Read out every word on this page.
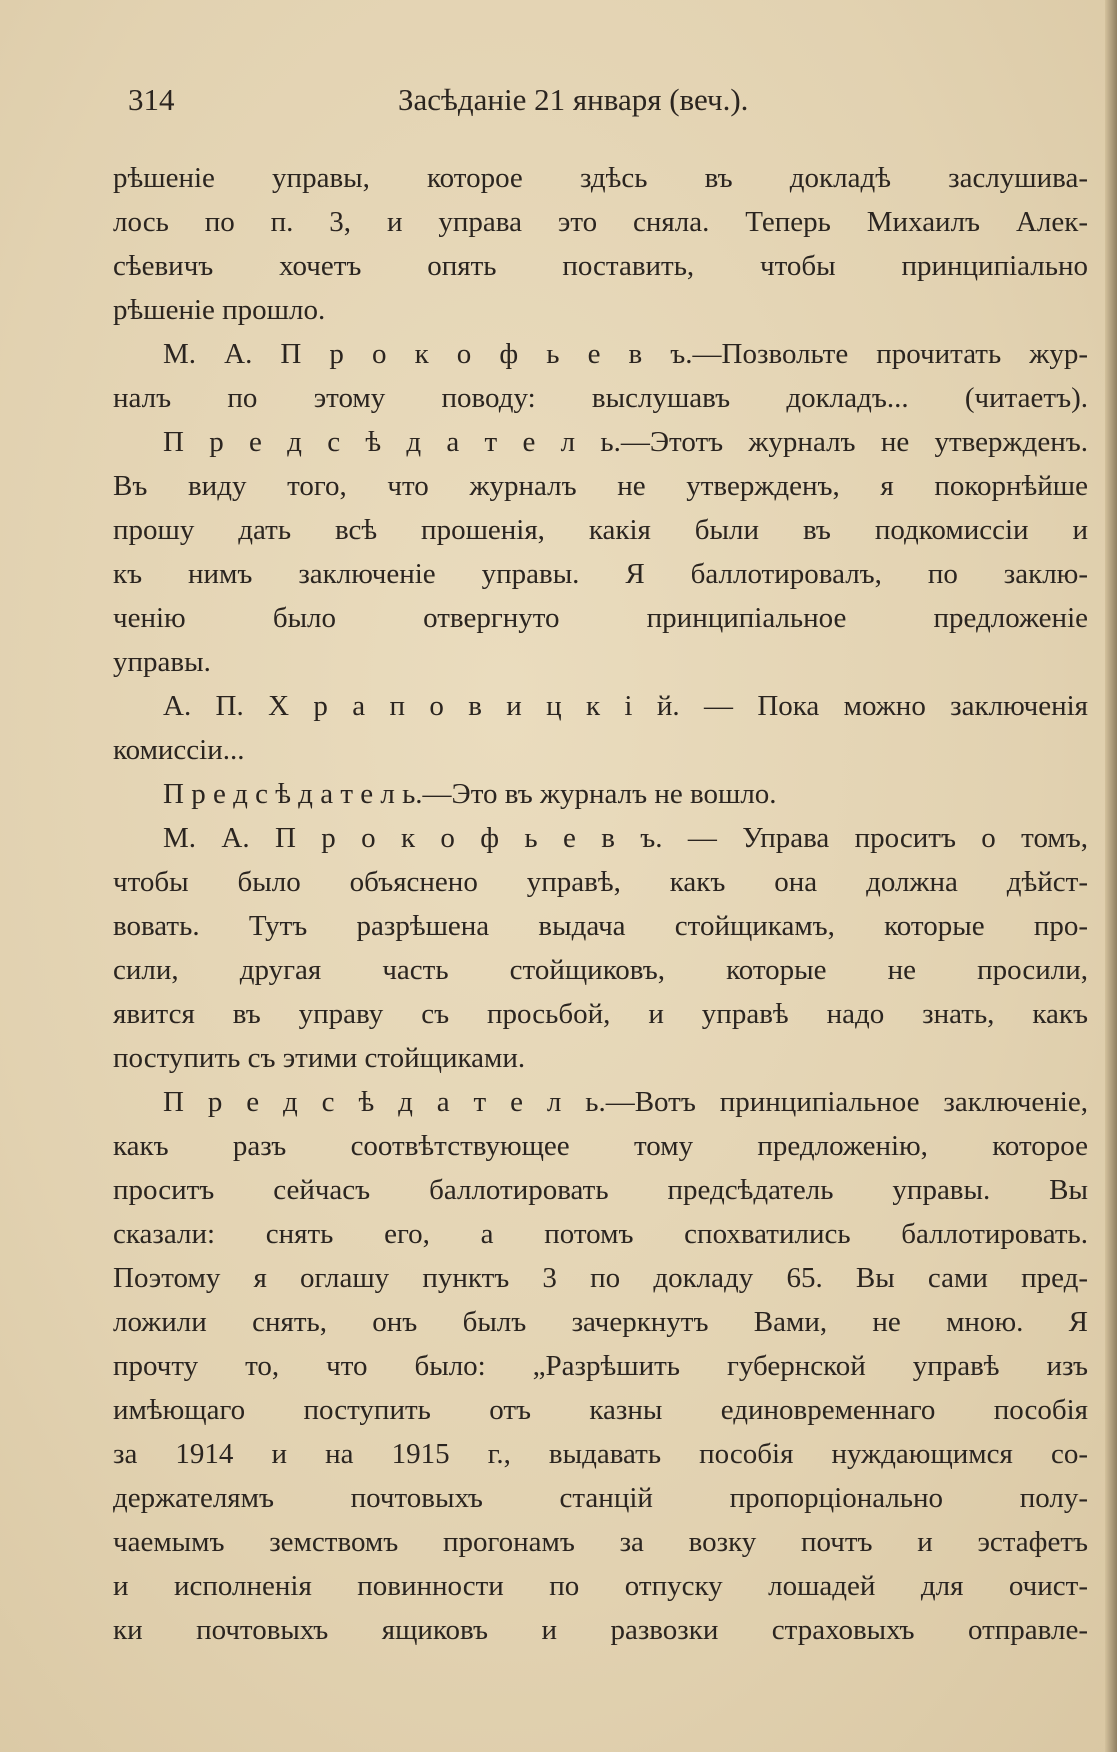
314	Засѣданіе 21 января (веч.).
рѣшеніе управы, которое здѣсь въ докладѣ заслушива-
лось по п. 3, и управа это сняла. Теперь Михаилъ Алек-
сѣевичъ хочетъ опять поставить, чтобы принципіально
рѣшеніе прошло.
М. А. П р о к о ф ь е в ъ.—Позвольте прочитать жур-
налъ по этому поводу: выслушавъ докладъ... (читаетъ).
П р е д с ѣ д а т е л ь.—Этотъ журналъ не утвержденъ.
Въ виду того, что журналъ не утвержденъ, я покорнѣйше
прошу дать всѣ прошенія, какія были въ подкомиссіи и
къ нимъ заключеніе управы. Я баллотировалъ, по заклю-
ченію было отвергнуто принципіальное предложеніе
управы.
А. П. Х р а п о в и ц к і й. — Пока можно заключенія
комиссіи...
П р е д с ѣ д а т е л ь.—Это въ журналъ не вошло.
М. А. П р о к о ф ь е в ъ. — Управа проситъ о томъ,
чтобы было объяснено управѣ, какъ она должна дѣйст-
вовать. Тутъ разрѣшена выдача стойщикамъ, которые про-
сили, другая часть стойщиковъ, которые не просили,
явится въ управу съ просьбой, и управѣ надо знать, какъ
поступить съ этими стойщиками.
П р е д с ѣ д а т е л ь.—Вотъ принципіальное заключеніе,
какъ разъ соотвѣтствующее тому предложенію, которое
проситъ сейчасъ баллотировать предсѣдатель управы. Вы
сказали: снять его, а потомъ спохватились баллотировать.
Поэтому я оглашу пунктъ 3 по докладу 65. Вы сами пред-
ложили снять, онъ былъ зачеркнутъ Вами, не мною. Я
прочту то, что было: „Разрѣшить губернской управѣ изъ
имѣющаго поступить отъ казны единовременнаго пособія
за 1914 и на 1915 г., выдавать пособія нуждающимся со-
держателямъ почтовыхъ станцій пропорціонально полу-
чаемымъ земствомъ прогонамъ за возку почтъ и эстафетъ
и исполненія повинности по отпуску лошадей для очист-
ки почтовыхъ ящиковъ и развозки страховыхъ отправле-
